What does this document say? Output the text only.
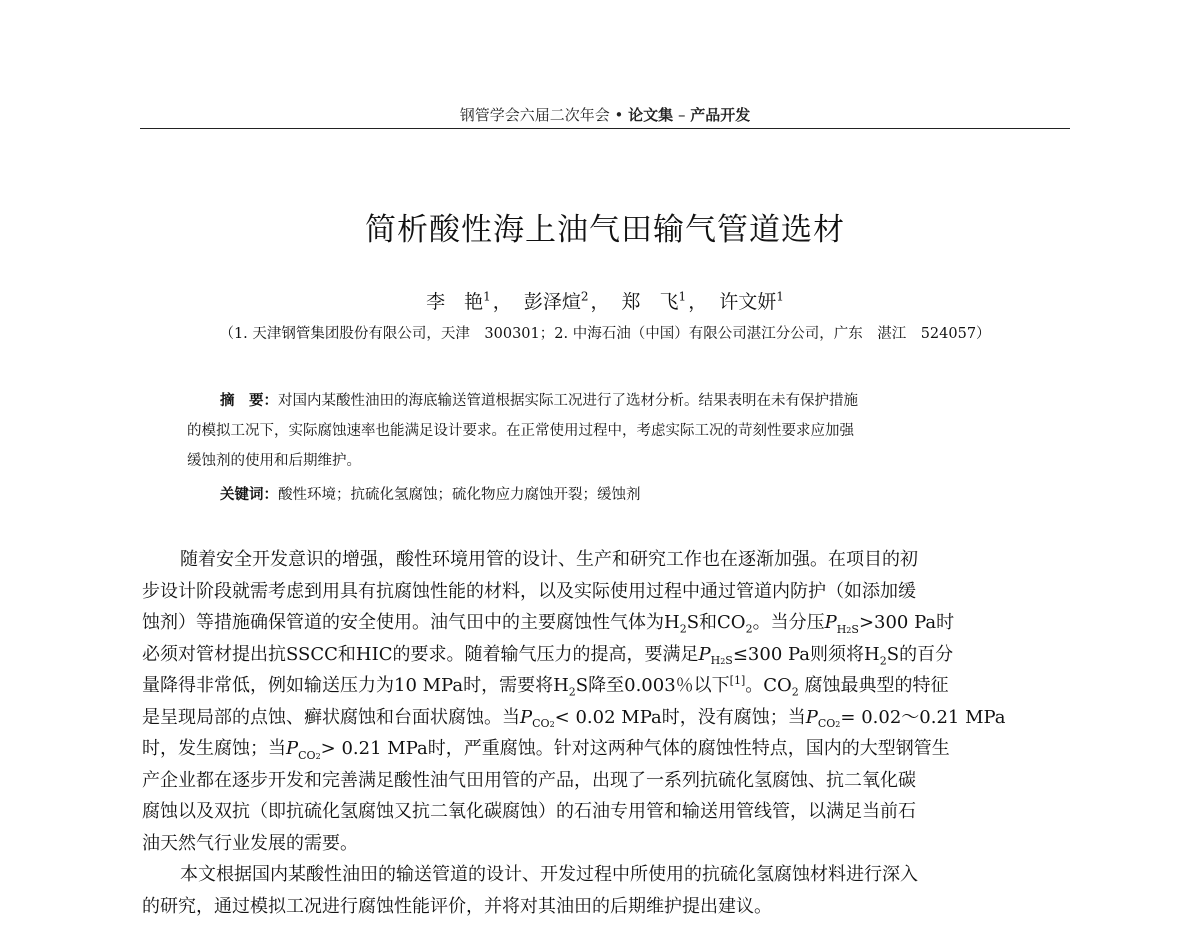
钢管学会六届二次年会 • 论文集 – 产品开发
简析酸性海上油气田输气管道选材
李　艳$^1$ ， 彭泽煊$^2$ ， 郑　飞$^1$ ， 许文妍$^1$
（1. 天津钢管集团股份有限公司，天津　300301；2. 中海石油（中国）有限公司湛江分公司，广东　湛江　524057）
摘　要：对国内某酸性油田的海底输送管道根据实际工况进行了选材分析。结果表明在未有保护措施
的模拟工况下，实际腐蚀速率也能满足设计要求。在正常使用过程中，考虑实际工况的苛刻性要求应加强
缓蚀剂的使用和后期维护。
关键词：酸性环境；抗硫化氢腐蚀；硫化物应力腐蚀开裂；缓蚀剂
随着安全开发意识的增强，酸性环境用管的设计、生产和研究工作也在逐渐加强。在项目的初
步设计阶段就需考虑到用具有抗腐蚀性能的材料，以及实际使用过程中通过管道内防护（如添加缓
蚀剂）等措施确保管道的安全使用。油气田中的主要腐蚀性气体为$H_2S$和$CO_2$。当分压$P_{H2S}>300$ Pa时
必须对管材提出抗SSCC和HIC的要求。随着输气压力的提高，要满足$P_{H2S}\le 300$ Pa则须将$H_2S$的百分
量降得非常低，例如输送压力为10 MPa时，需要将$H_2S$降至0.003％以下[1]。$CO_2$ 腐蚀最典型的特征
是呈现局部的点蚀、癣状腐蚀和台面状腐蚀。当$P_{CO2}< 0.02$ MPa时，没有腐蚀；当$P_{CO2}=$ 0.02～0.21 MPa
时，发生腐蚀；当$P_{CO2}> 0.21$ MPa时，严重腐蚀。针对这两种气体的腐蚀性特点，国内的大型钢管生
产企业都在逐步开发和完善满足酸性油气田用管的产品，出现了一系列抗硫化氢腐蚀、抗二氧化碳
腐蚀以及双抗（即抗硫化氢腐蚀又抗二氧化碳腐蚀）的石油专用管和输送用管线管，以满足当前石
油天然气行业发展的需要。
本文根据国内某酸性油田的输送管道的设计、开发过程中所使用的抗硫化氢腐蚀材料进行深入
的研究，通过模拟工况进行腐蚀性能评价，并将对其油田的后期维护提出建议。
